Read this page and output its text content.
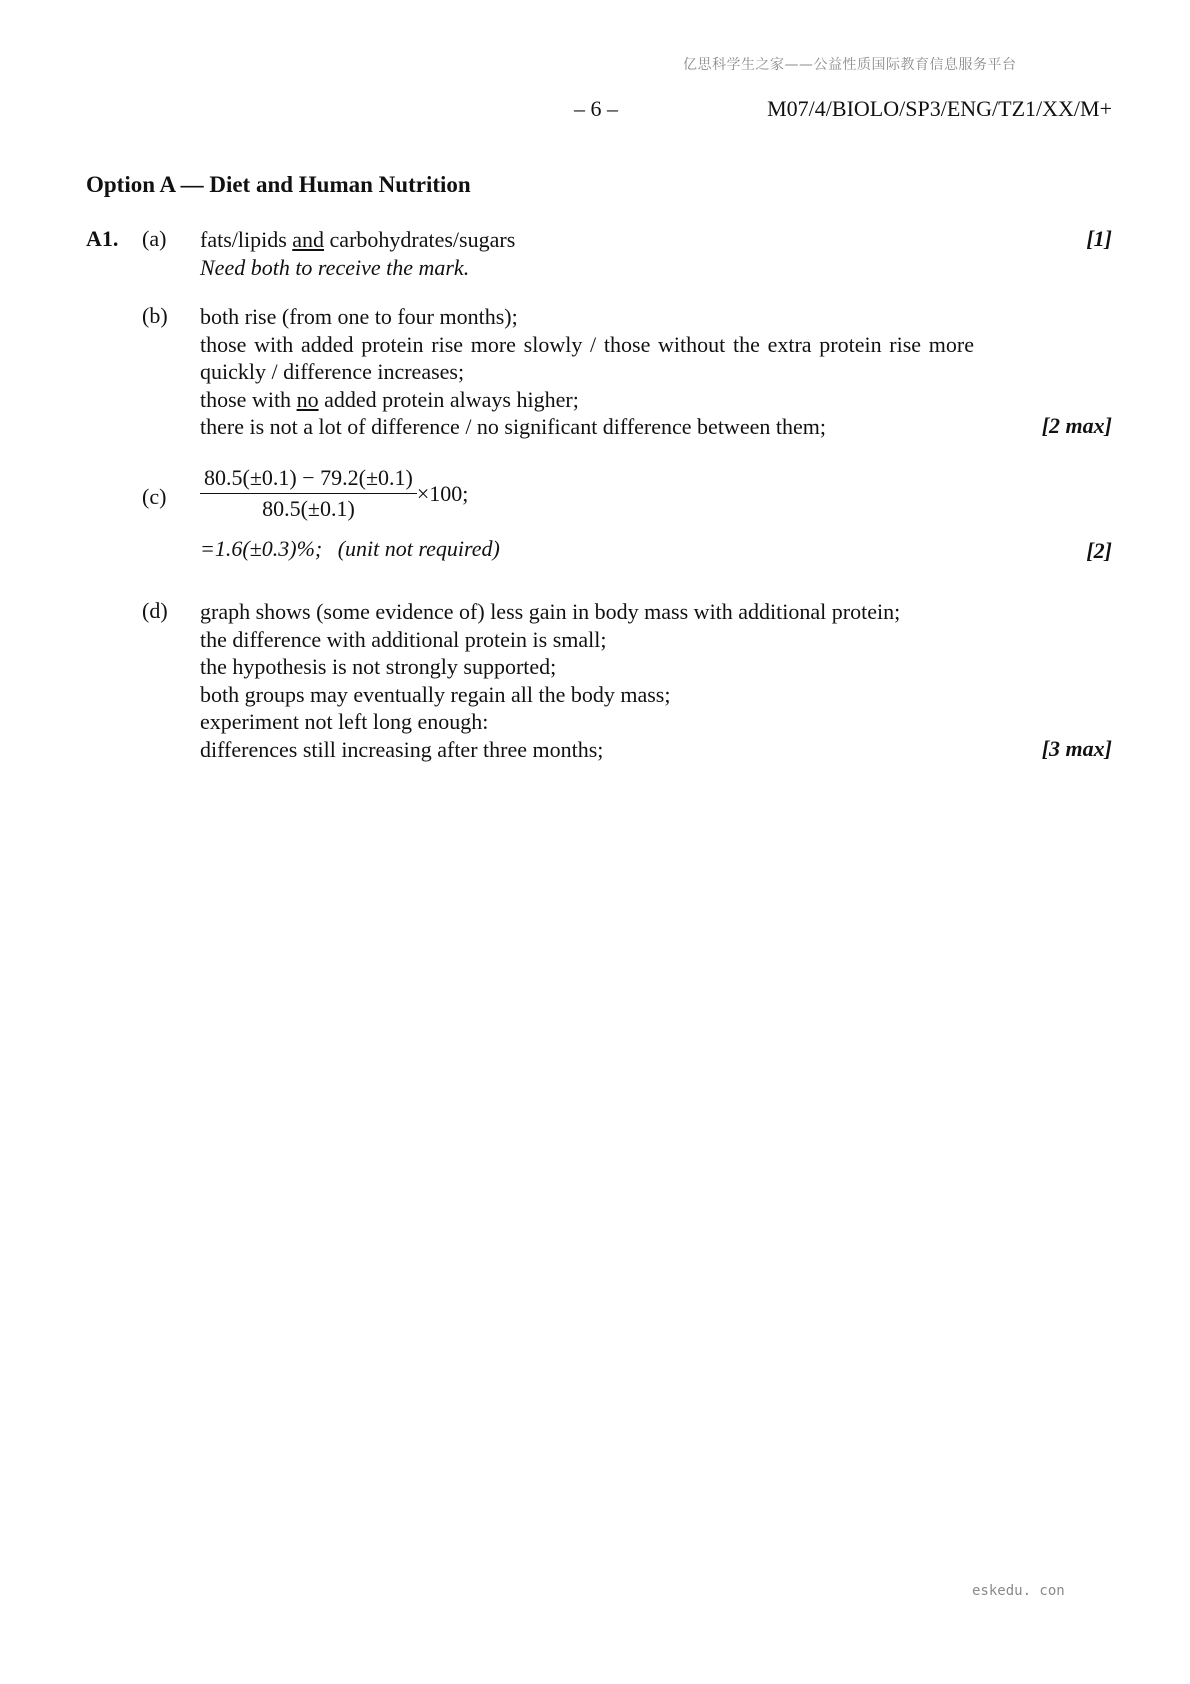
亿思科学生之家——公益性质国际教育信息服务平台
– 6 –	M07/4/BIOLO/SP3/ENG/TZ1/XX/M+
Option A — Diet and Human Nutrition
A1. (a) fats/lipids and carbohydrates/sugars
Need both to receive the mark.
[1]
(b) both rise (from one to four months);
those with added protein rise more slowly / those without the extra protein rise more quickly / difference increases;
those with no added protein always higher;
there is not a lot of difference / no significant difference between them;	[2 max]
$(c) \frac{80.5(\pm 0.1) - 79.2(\pm 0.1)}{80.5(\pm 0.1)} \times 100$;
=1.6(±0.3)%; (unit not required)	[2]
(d) graph shows (some evidence of) less gain in body mass with additional protein;
the difference with additional protein is small;
the hypothesis is not strongly supported;
both groups may eventually regain all the body mass;
experiment not left long enough:
differences still increasing after three months;	[3 max]
eskedu. con
